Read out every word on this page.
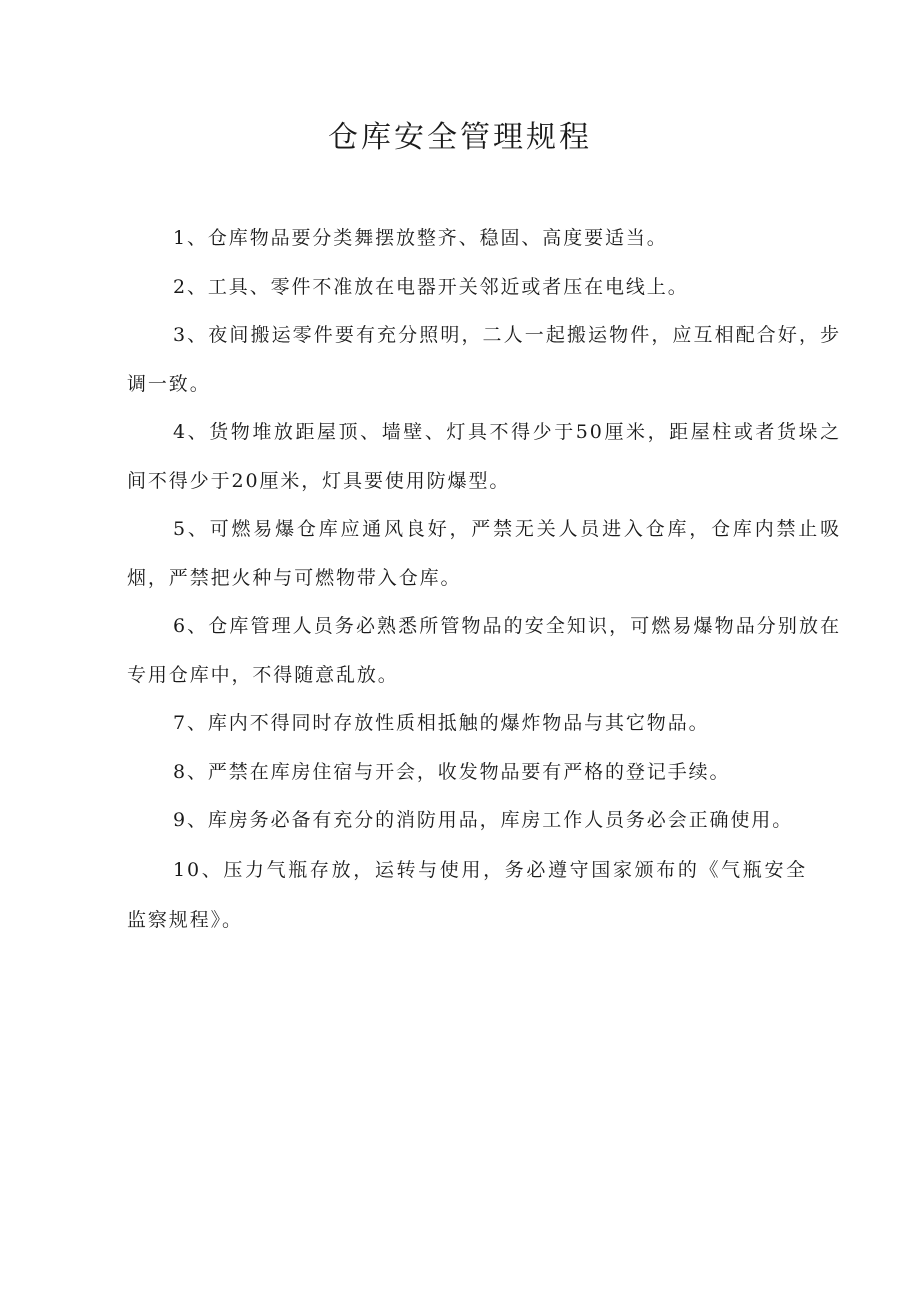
仓库安全管理规程

1、仓库物品要分类舞摆放整齐、稳固、高度要适当。

2、工具、零件不准放在电器开关邻近或者压在电线上。

3、夜间搬运零件要有充分照明，二人一起搬运物件，应互相配合好，步调一致。

4、货物堆放距屋顶、墙壁、灯具不得少于50厘米，距屋柱或者货垛之间不得少于20厘米，灯具要使用防爆型。

5、可燃易爆仓库应通风良好，严禁无关人员进入仓库，仓库内禁止吸烟，严禁把火种与可燃物带入仓库。

6、仓库管理人员务必熟悉所管物品的安全知识，可燃易爆物品分别放在专用仓库中，不得随意乱放。

7、库内不得同时存放性质相抵触的爆炸物品与其它物品。

8、严禁在库房住宿与开会，收发物品要有严格的登记手续。

9、库房务必备有充分的消防用品，库房工作人员务必会正确使用。

10、压力气瓶存放，运转与使用，务必遵守国家颁布的《气瓶安全监察规程》。
